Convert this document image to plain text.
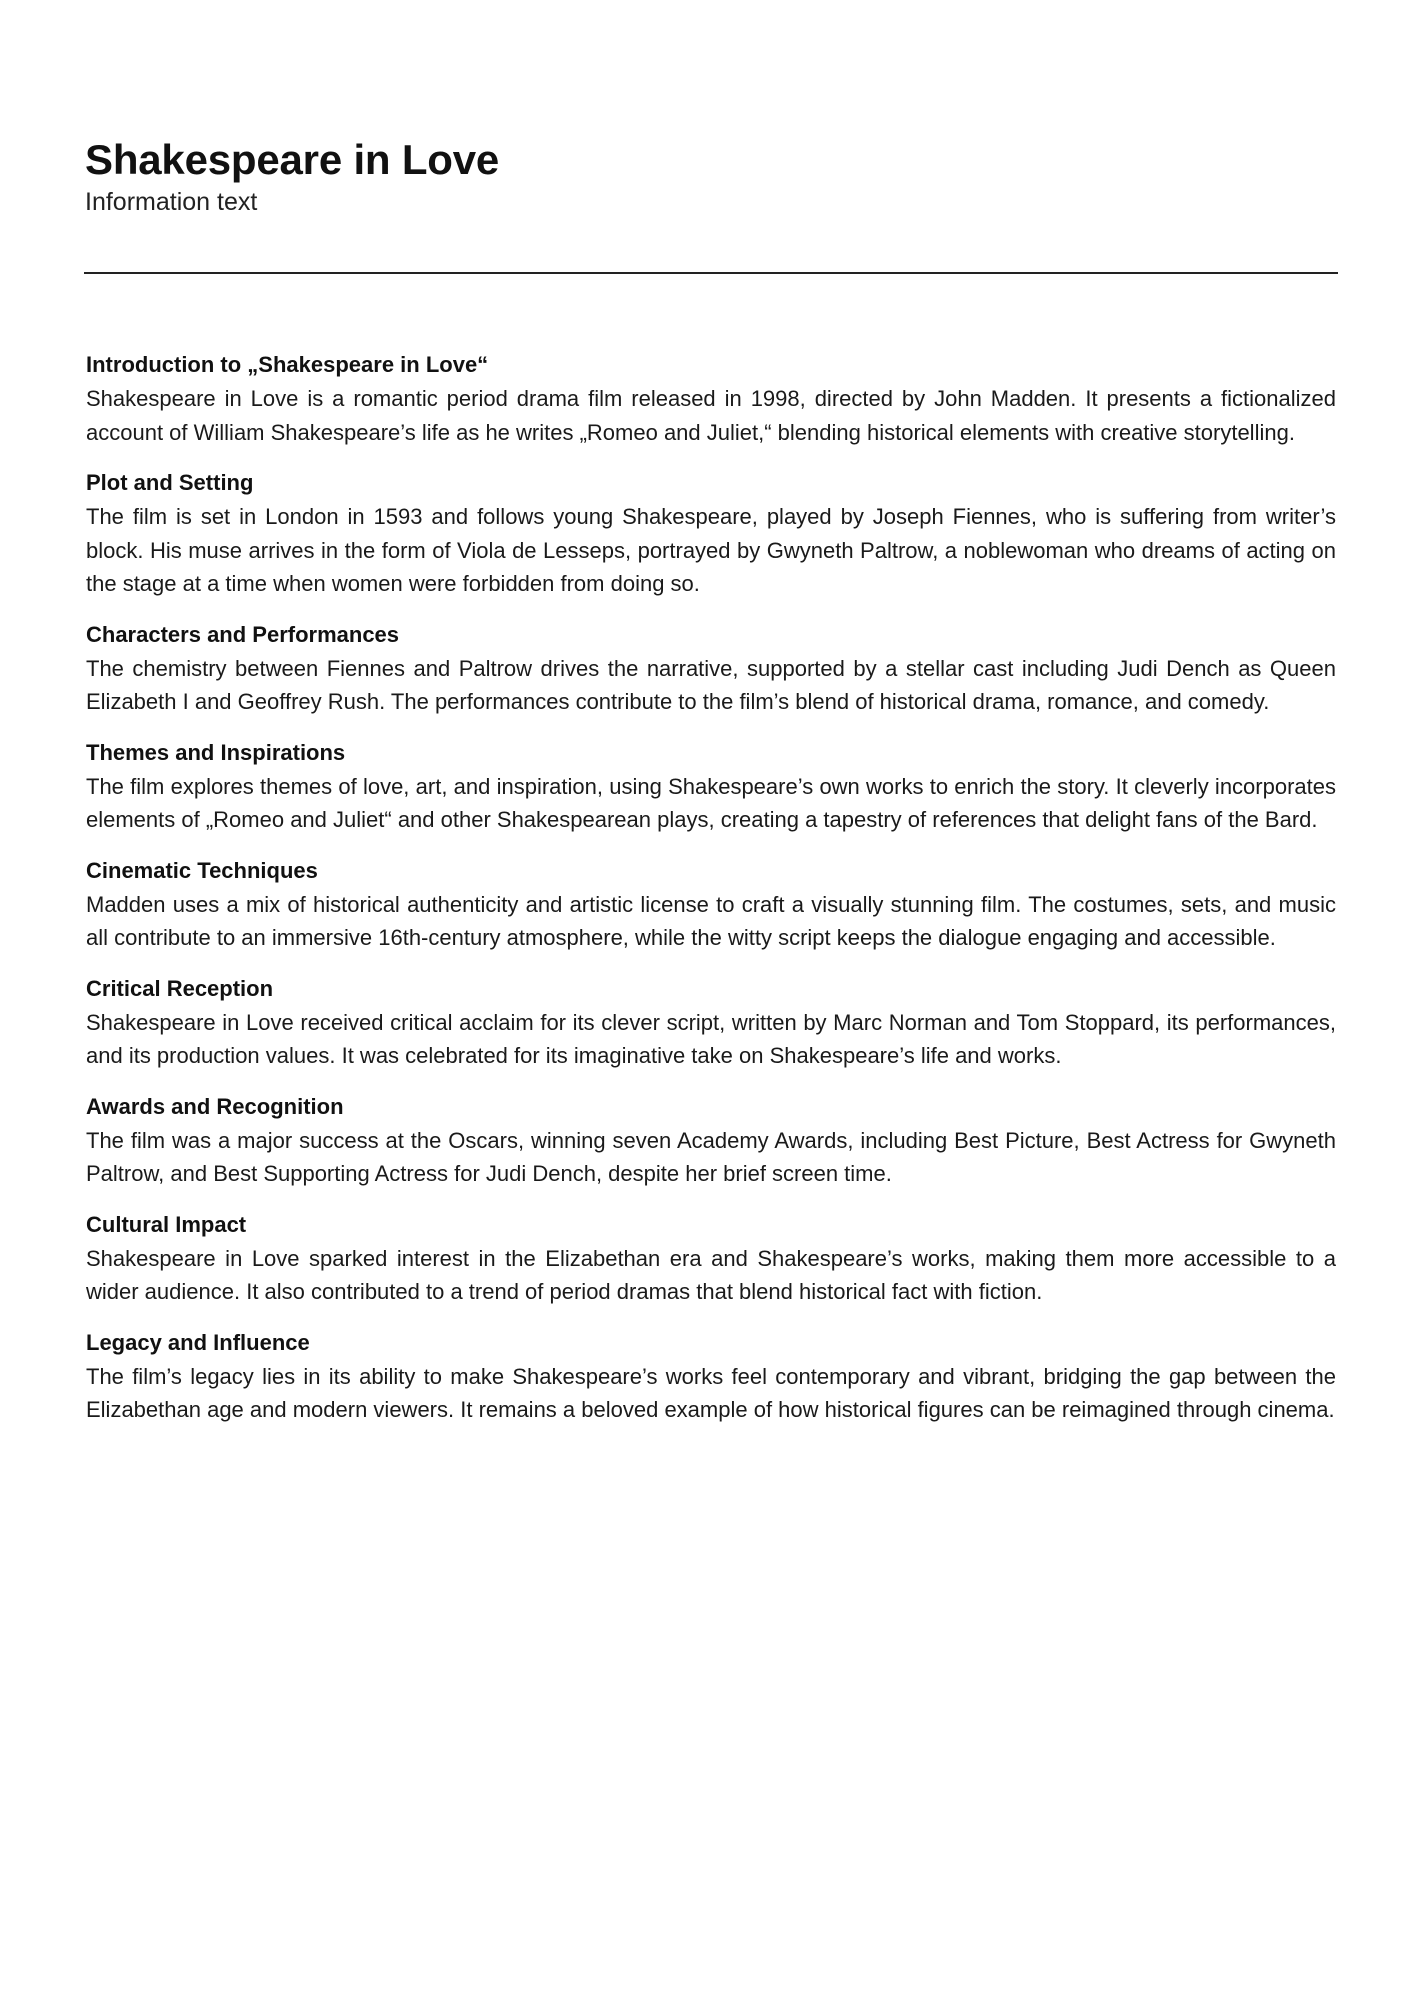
Shakespeare in Love

Information text

Introduction to „Shakespeare in Love“

Shakespeare in Love is a romantic period drama film released in 1998, directed by John Madden. It presents a fictionalized account of William Shakespeare’s life as he writes „Romeo and Juliet,“ blending historical elements with creative storytelling.

Plot and Setting

The film is set in London in 1593 and follows young Shakespeare, played by Joseph Fiennes, who is suffering from writer’s block. His muse arrives in the form of Viola de Lesseps, portrayed by Gwyneth Paltrow, a noblewoman who dreams of acting on the stage at a time when women were forbidden from doing so.

Characters and Performances

The chemistry between Fiennes and Paltrow drives the narrative, supported by a stellar cast including Judi Dench as Queen Elizabeth I and Geoffrey Rush. The performances contribute to the film’s blend of historical drama, romance, and comedy.

Themes and Inspirations

The film explores themes of love, art, and inspiration, using Shakespeare’s own works to enrich the story. It cleverly incorporates elements of „Romeo and Juliet“ and other Shakespearean plays, creating a tapestry of references that delight fans of the Bard.

Cinematic Techniques

Madden uses a mix of historical authenticity and artistic license to craft a visually stunning film. The costumes, sets, and music all contribute to an immersive 16th-century atmosphere, while the witty script keeps the dialogue engaging and accessible.

Critical Reception

Shakespeare in Love received critical acclaim for its clever script, written by Marc Norman and Tom Stoppard, its performances, and its production values. It was celebrated for its imaginative take on Shakespeare’s life and works.

Awards and Recognition

The film was a major success at the Oscars, winning seven Academy Awards, including Best Picture, Best Actress for Gwyneth Paltrow, and Best Supporting Actress for Judi Dench, despite her brief screen time.

Cultural Impact

Shakespeare in Love sparked interest in the Elizabethan era and Shakespeare’s works, making them more accessible to a wider audience. It also contributed to a trend of period dramas that blend historical fact with fiction.

Legacy and Influence

The film’s legacy lies in its ability to make Shakespeare’s works feel contemporary and vibrant, bridging the gap between the Elizabethan age and modern viewers. It remains a beloved example of how historical figures can be reimagined through cinema.
